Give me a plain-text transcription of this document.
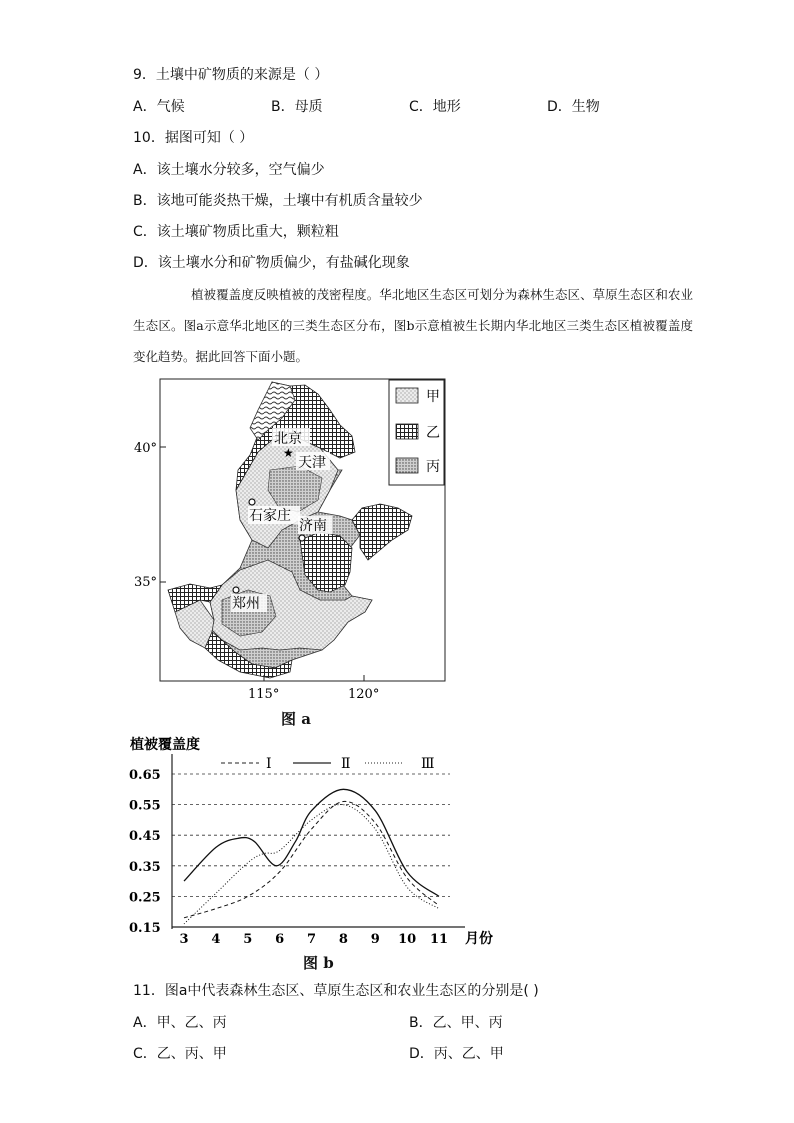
9．土壤中矿物质的来源是（ ）
A．气候	B．母质	C．地形	D．生物
10．据图可知（ ）
A．该土壤水分较多，空气偏少
B．该地可能炎热干燥，土壤中有机质含量较少
C．该土壤矿物质比重大，颗粒粗
D．该土壤水分和矿物质偏少，有盐碱化现象

植被覆盖度反映植被的茂密程度。华北地区生态区可划分为森林生态区、草原生态区和农业生态区。图a示意华北地区的三类生态区分布，图b示意植被生长期内华北地区三类生态区植被覆盖度变化趋势。据此回答下面小题。

甲
乙
丙
40°
35°
115°	120°
北京
★
天津
石家庄
济南
郑州
图 a
植被覆盖度
0.15
0.25
0.35
0.45
0.55
0.65
3 4 5 6 7 8 9 10 11 月份
Ⅰ	Ⅱ	Ⅲ
图 b
11．图a中代表森林生态区、草原生态区和农业生态区的分别是( )
A．甲、乙、丙	B．乙、甲、丙
C．乙、丙、甲	D．丙、乙、甲
